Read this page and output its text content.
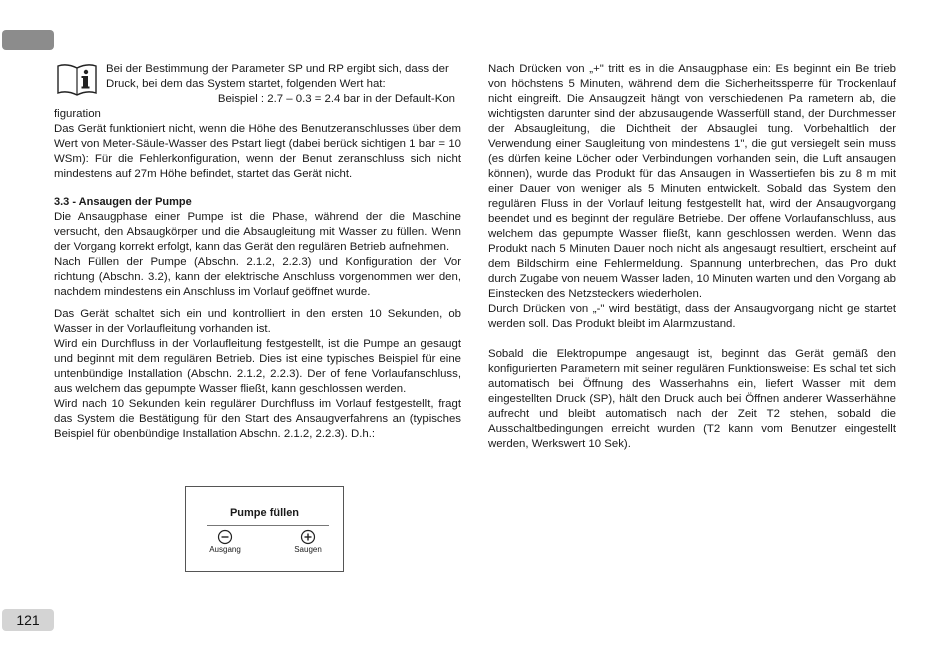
Bei der Bestimmung der Parameter SP und RP ergibt sich, dass der Druck, bei dem das System startet, folgenden Wert hat:

Beispiel : 2.7 – 0.3 = 2.4 bar in der Default-Kon

figuration

Das Gerät funktioniert nicht, wenn die Höhe des Benutzeranschlusses über dem Wert von Meter-Säule-Wasser des Pstart liegt (dabei berück sichtigen 1 bar = 10 WSm): Für die Fehlerkonfiguration, wenn der Benut zeranschluss sich nicht mindestens auf 27m Höhe befindet, startet das Gerät nicht.

3.3 - Ansaugen der Pumpe

Die Ansaugphase einer Pumpe ist die Phase, während der die Maschine versucht, den Absaugkörper und die Absaugleitung mit Wasser zu füllen. Wenn der Vorgang korrekt erfolgt, kann das Gerät den regulären Betrieb aufnehmen.

Nach Füllen der Pumpe (Abschn. 2.1.2, 2.2.3) und Konfiguration der Vor richtung (Abschn. 3.2), kann der elektrische Anschluss vorgenommen wer den, nachdem mindestens ein Anschluss im Vorlauf geöffnet wurde.

Das Gerät schaltet sich ein und kontrolliert in den ersten 10 Sekunden, ob Wasser in der Vorlaufleitung vorhanden ist.

Wird ein Durchfluss in der Vorlaufleitung festgestellt, ist die Pumpe an gesaugt und beginnt mit dem regulären Betrieb. Dies ist eine typisches Beispiel für eine untenbündige Installation (Abschn. 2.1.2, 2.2.3). Der of fene Vorlaufanschluss, aus welchem das gepumpte Wasser fließt, kann geschlossen werden.

Wird nach 10 Sekunden kein regulärer Durchfluss im Vorlauf festgestellt, fragt das System die Bestätigung für den Start des Ansaugverfahrens an (typisches Beispiel für obenbündige Installation Abschn. 2.1.2, 2.2.3). D.h.:

Pumpe füllen
Ausgang	Saugen

Nach Drücken von „+" tritt es in die Ansaugphase ein: Es beginnt ein Be trieb von höchstens 5 Minuten, während dem die Sicherheitssperre für Trockenlauf nicht eingreift. Die Ansaugzeit hängt von verschiedenen Pa rametern ab, die wichtigsten darunter sind der abzusaugende Wasserfüll stand, der Durchmesser der Absaugleitung, die Dichtheit der Absauglei tung. Vorbehaltlich der Verwendung einer Saugleitung von mindestens 1", die gut versiegelt sein muss (es dürfen keine Löcher oder Verbindungen vorhanden sein, die Luft ansaugen können), wurde das Produkt für das Ansaugen in Wassertiefen bis zu 8 m mit einer Dauer von weniger als 5 Minuten entwickelt. Sobald das System den regulären Fluss in der Vorlauf leitung festgestellt hat, wird der Ansaugvorgang beendet und es beginnt der reguläre Betriebe. Der offene Vorlaufanschluss, aus welchem das gepumpte Wasser fließt, kann geschlossen werden. Wenn das Produkt nach 5 Minuten Dauer noch nicht als angesaugt resultiert, erscheint auf dem Bildschirm eine Fehlermeldung. Spannung unterbrechen, das Pro dukt durch Zugabe von neuem Wasser laden, 10 Minuten warten und den Vorgang ab Einstecken des Netzsteckers wiederholen.

Durch Drücken von „-" wird bestätigt, dass der Ansaugvorgang nicht ge startet werden soll. Das Produkt bleibt im Alarmzustand.

Sobald die Elektropumpe angesaugt ist, beginnt das Gerät gemäß den konfigurierten Parametern mit seiner regulären Funktionsweise: Es schal tet sich automatisch bei Öffnung des Wasserhahns ein, liefert Wasser mit dem eingestellten Druck (SP), hält den Druck auch bei Öffnen anderer Wasserhähne aufrecht und bleibt automatisch nach der Zeit T2 stehen, sobald die Ausschaltbedingungen erreicht wurden (T2 kann vom Benutzer eingestellt werden, Werkswert 10 Sek).

121
